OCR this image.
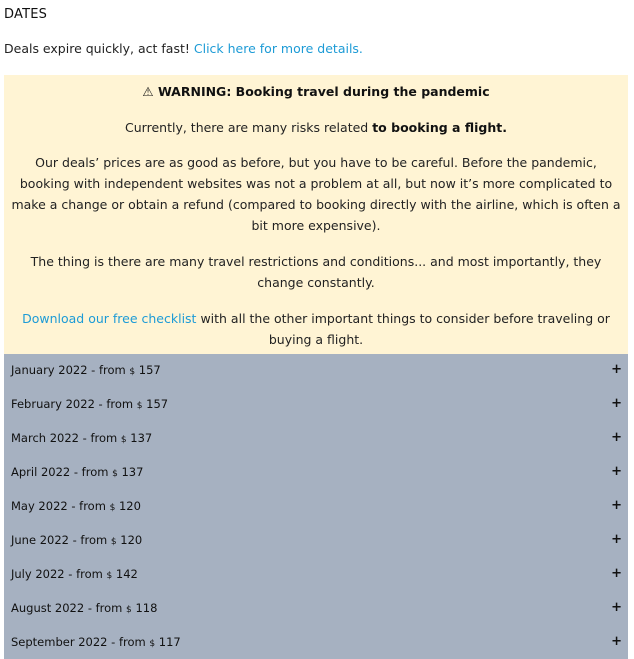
DATES
Deals expire quickly, act fast! Click here for more details.

⚠ WARNING: Booking travel during the pandemic

Currently, there are many risks related to booking a flight.

Our deals’ prices are as good as before, but you have to be careful. Before the pandemic, booking with independent websites was not a problem at all, but now it’s more complicated to make a change or obtain a refund (compared to booking directly with the airline, which is often a bit more expensive).

The thing is there are many travel restrictions and conditions... and most importantly, they change constantly.

Download our free checklist with all the other important things to consider before traveling or buying a flight.

January 2022 - from $ 157	+
February 2022 - from $ 157	+
March 2022 - from $ 137	+
April 2022 - from $ 137	+
May 2022 - from $ 120	+
June 2022 - from $ 120	+
July 2022 - from $ 142	+
August 2022 - from $ 118	+
September 2022 - from $ 117	+
